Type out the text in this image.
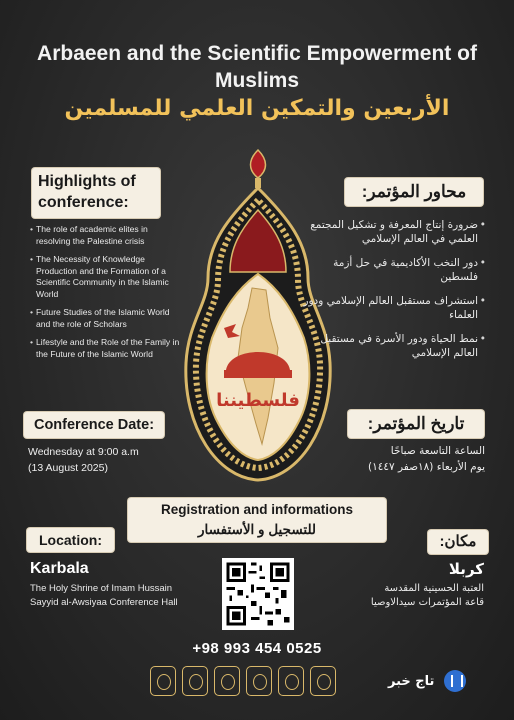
Arbaeen and the Scientific Empowerment of Muslims
الأربعين والتمكين العلمي للمسلمين
فلسطيننا
Highlights of conference:
• The role of academic elites in resolving the Palestine crisis
• The Necessity of Knowledge Production and the Formation of a Scientific Community in the Islamic World
• Future Studies of the Islamic World and the role of Scholars
• Lifestyle and the Role of the Family in the Future of the Islamic World
محاور المؤتمر:
• ضرورة إنتاج المعرفة و تشكيل المجتمع العلمي في العالم الإسلامي
• دور النخب الأكاديمية في حل أزمة فلسطين
• استشراف مستقبل العالم الإسلامي ودور العلماء
• نمط الحياة ودور الأسرة في مستقبل العالم الإسلامي
Conference Date:
Wednesday at 9:00 a.m
(13 August 2025)
تاريخ المؤتمر:
الساعة التاسعة صباحًا
يوم الأربعاء (١٨صفر ١٤٤٧)
Registration and informations
للتسجيل و الأستفسار
Location:
Karbala
The Holy Shrine of Imam Hussain
Sayyid al-Awsiyaa Conference Hall
مكان:
كربلا
العتبة الحسينية المقدسة
قاعة المؤتمرات سيدالاوصيا
+98 993 454 0525
تاج خبر
